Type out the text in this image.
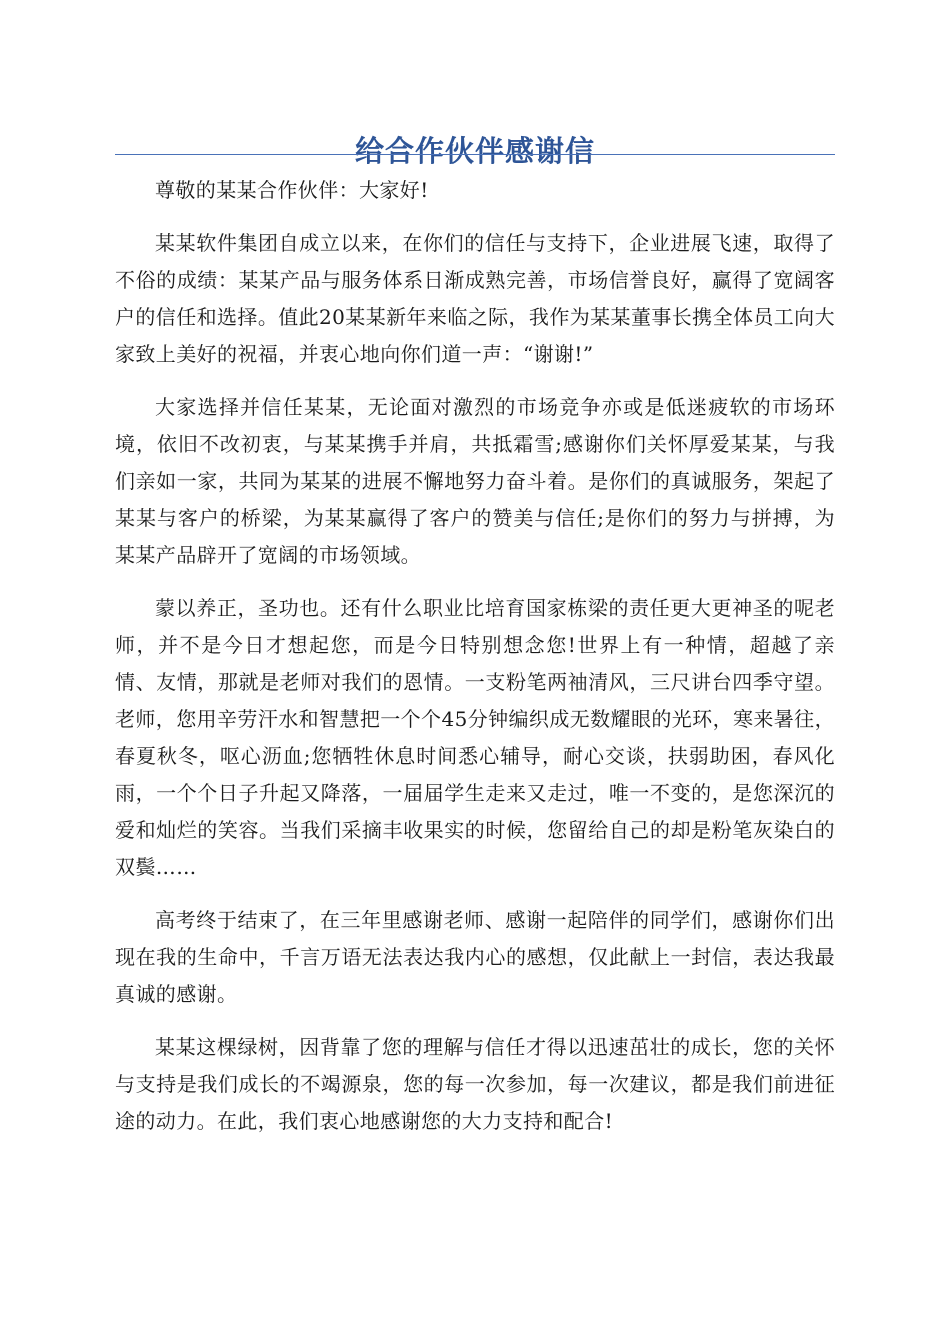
给合作伙伴感谢信

尊敬的某某合作伙伴：大家好!

某某软件集团自成立以来，在你们的信任与支持下，企业进展飞速，取得了不俗的成绩：某某产品与服务体系日渐成熟完善，市场信誉良好，赢得了宽阔客户的信任和选择。值此20某某新年来临之际，我作为某某董事长携全体员工向大家致上美好的祝福，并衷心地向你们道一声：“谢谢!”

大家选择并信任某某，无论面对激烈的市场竞争亦或是低迷疲软的市场环境，依旧不改初衷，与某某携手并肩，共抵霜雪;感谢你们关怀厚爱某某，与我们亲如一家，共同为某某的进展不懈地努力奋斗着。是你们的真诚服务，架起了某某与客户的桥梁，为某某赢得了客户的赞美与信任;是你们的努力与拼搏，为某某产品辟开了宽阔的市场领域。

蒙以养正，圣功也。还有什么职业比培育国家栋梁的责任更大更神圣的呢老师，并不是今日才想起您，而是今日特别想念您!世界上有一种情，超越了亲情、友情，那就是老师对我们的恩情。一支粉笔两袖清风，三尺讲台四季守望。老师，您用辛劳汗水和智慧把一个个45分钟编织成无数耀眼的光环，寒来暑往，春夏秋冬，呕心沥血;您牺牲休息时间悉心辅导，耐心交谈，扶弱助困，春风化雨，一个个日子升起又降落，一届届学生走来又走过，唯一不变的，是您深沉的爱和灿烂的笑容。当我们采摘丰收果实的时候，您留给自己的却是粉笔灰染白的双鬓……

高考终于结束了，在三年里感谢老师、感谢一起陪伴的同学们，感谢你们出现在我的生命中，千言万语无法表达我内心的感想，仅此献上一封信，表达我最真诚的感谢。

某某这棵绿树，因背靠了您的理解与信任才得以迅速茁壮的成长，您的关怀与支持是我们成长的不竭源泉，您的每一次参加，每一次建议，都是我们前进征途的动力。在此，我们衷心地感谢您的大力支持和配合!
